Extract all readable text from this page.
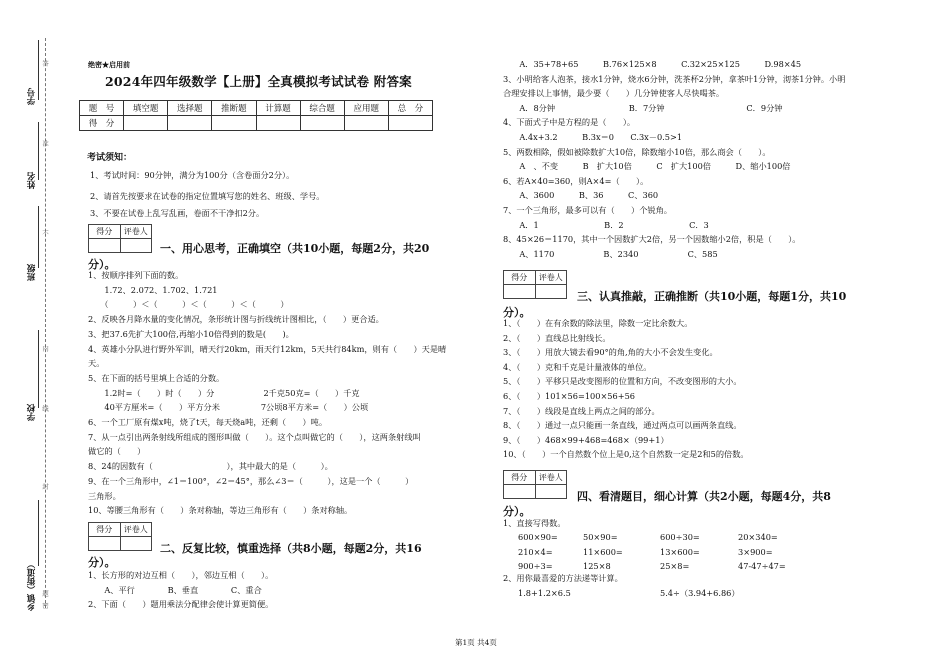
学号
姓名
班级
学校
乡镇（街道） 密
封
线
内
不
准
答
题
绝密★启用前
2024年四年级数学【上册】全真模拟考试试卷 附答案
题　号	填空题	选择题	推断题	计算题	综合题	应用题	总　分
得　分							
考试须知：
1、考试时间：90分钟，满分为100分（含卷面分2分）。
2、请首先按要求在试卷的指定位置填写您的姓名、班级、学号。
3、不要在试卷上乱写乱画，卷面不干净扣2分。
得分	评卷人
一、用心思考，正确填空（共10小题，每题2分，共20
分）。
1、按顺序排列下面的数。
　　1.72、2.072、1.702、1.721
　　（　　　）＜（　　　）＜（　　　）＜（　　　）
2、反映各月降水量的变化情况，条形统计图与折线统计图相比，（　　）更合适。
3、把37.6先扩大100倍,再缩小10倍得到的数是(　　)。
4、英雄小分队进行野外军训，晴天行20km，雨天行12km，5天共行84km，则有（　　）天是晴
天。
5、在下面的括号里填上合适的分数。
　　1.2时=（　　）时（　　）分　　　　　　2千克50克=（　　）千克
　　40平方厘米=（　　）平方分米　　　　　7公顷8平方米=（　　）公顷
6、一个工厂原有煤x吨，烧了t天，每天烧a吨，还剩（　　）吨。
7、从一点引出两条射线所组成的图形叫做（　　）。这个点叫做它的（　　），这两条射线叫
做它的（　　）
8、24的因数有（　　　　　　　　　），其中最大的是（　　　）。
9、在一个三角形中，∠1＝100°，∠2＝45°，那么∠3＝（　　　），这是一个（　　　）
三角形。
10、等腰三角形有（　　）条对称轴，等边三角形有（　　）条对称轴。
得分	评卷人
二、反复比较，慎重选择（共8小题，每题2分，共16
分）。
1、长方形的对边互相（　　），邻边互相（　　）。
　　A、平行　　　　B、垂直　　　　C、重合
2、下面（　　）题用乘法分配律会使计算更简便。
　　A．35+78+65　　　B.76×125×8　　　C.32×25×125　　　D.98×45
3、小明给客人泡茶，接水1分钟，烧水6分钟，洗茶杯2分钟，拿茶叶1分钟，沏茶1分钟。小明
合理安排以上事情，最少要（　　）几分钟使客人尽快喝茶。
　　A．8分钟　　　　　　　　　B．7分钟　　　　　　　　　　C．9分钟
4、下面式子中是方程的是（　　）。
　　A.4x+3.2　　　B.3x＝0　　C.3x－0.5>1
5、两数相除，假如被除数扩大10倍，除数缩小10倍，那么商会（　　）。
　　A　、不变　　　B　扩大10倍　　　C　扩大100倍　　　D、缩小100倍
6、若A×40=360，则A×4=（　　）。
　　A、3600　　　B、36　　　C、360
7、一个三角形，最多可以有（　　）个锐角。
　　A．1　　　　　　　　B．2　　　　　　　　C．3
8、45×26＝1170，其中一个因数扩大2倍，另一个因数缩小2倍，积是（　　）。
　　A、1170　　　　　　B、2340　　　　　　C、585
得分	评卷人
三、认真推敲，正确推断（共10小题，每题1分，共10
分）。
1、（　　）在有余数的除法里，除数一定比余数大。
2、（　　）直线总比射线长。
3、（　　）用放大镜去看90°的角,角的大小不会发生变化。
4、（　　）克和千克是计量液体的单位。
5、（　　）平移只是改变图形的位置和方向，不改变图形的大小。
6、（　　）101×56=100×56+56
7、（　　）线段是直线上两点之间的部分。
8、（　　）通过一点只能画一条直线，通过两点可以画两条直线。
9、（　　）468×99+468=468×（99+1）
10、（　　）一个自然数个位上是0,这个自然数一定是2和5的倍数。
得分	评卷人
四、看清题目，细心计算（共2小题，每题4分，共8
分）。
1、直接写得数。
600×90=	50×90=	600÷30=	20×340=
210×4=	11×600=	13×600=	3×900=
900÷3=	125×8	25×8=	47-47÷47=
2、用你最喜爱的方法递等计算。
1.8+1.2×6.5	5.4÷（3.94+6.86）
第1页 共4页
